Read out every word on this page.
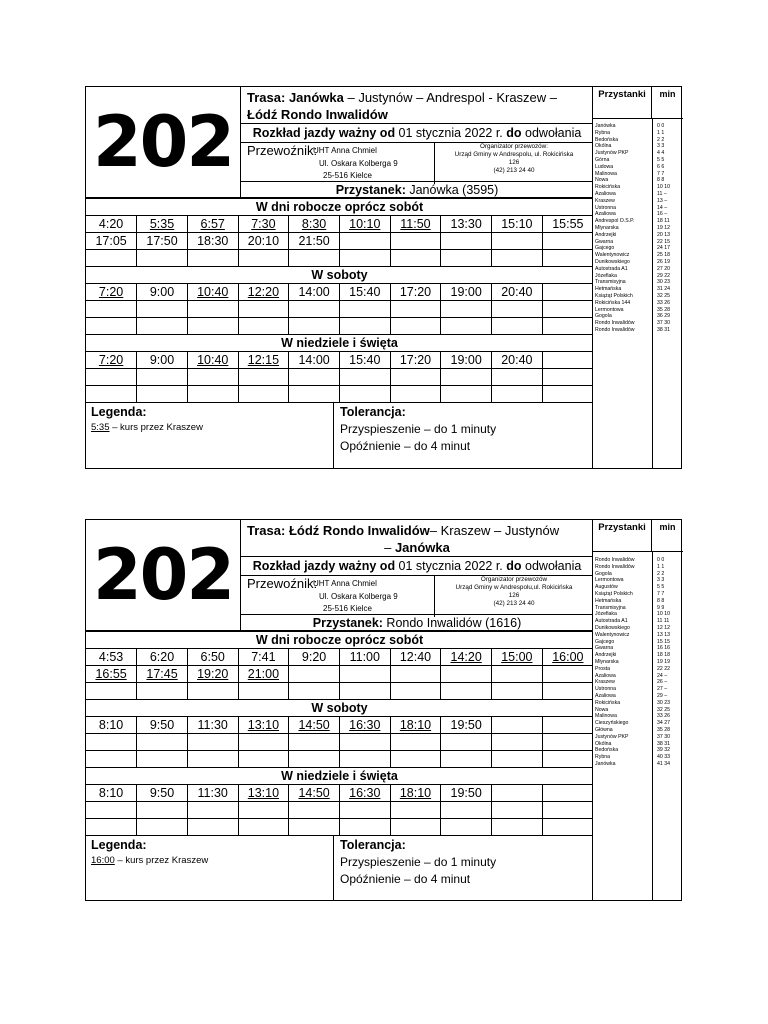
202
Trasa: Janówka – Justynów – Andrespol - Kraszew –
Łódź Rondo Inwalidów
Rozkład jazdy ważny od 01 stycznia 2022 r. do odwołania
Przewoźnik:
UHT Anna Chmiel
Ul. Oskara Kolberga 9
25-516 Kielce
Organizator przewozów:
Urząd Gminy w Andrespolu, ul. Rokicińska
126
(42) 213 24 40
Przystanek: Janówka (3595)
W dni robocze oprócz sobót									
4:20	5:35	6:57	7:30	8:30	10:10	11:50	13:30	15:10	15:55
17:05	17:50	18:30	20:10	21:50					

W soboty									
7:20	9:00	10:40	12:20	14:00	15:40	17:20	19:00	20:40	

W niedziele i święta									
7:20	9:00	10:40	12:15	14:00	15:40	17:20	19:00	20:40	

Legenda:
5:35 – kurs przez Kraszew
Tolerancja:
Przyspieszenie – do 1 minuty
Opóźnienie – do 4 minut
Przystanki	min
Janówka	0 0
Rybna	1 1
Bedońska	2 2
Okólna	3 3
Justynów PKP	4 4
Górna	5 5
Ludowa	6 6
Malinowa	7 7
Nowa	8 8
Rokicińska	10 10
Azaliowa	11 –
Kraszew	13 –
Ustronna	14 –
Azaliowa	16 –
Andrespol O.S.P.	18 11
Młynarska	19 12
Andrzejki	20 13
Gwarna	22 15
Gajcego	24 17
Walentynowicz	25 18
Dunikowskiego	26 19
Autostrada A1	27 20
Józefiaka	29 22
Transmisyjna	30 23
Hetmańska	31 24
Książąt Polskich	32 25
Rokicińska 144	33 26
Lermontowa	35 28
Gogola	36 29
Rondo Inwalidów	37 30
Rondo Inwalidów	38 31
202
Trasa: Łódź Rondo Inwalidów– Kraszew – Justynów
– Janówka
Rozkład jazdy ważny od 01 stycznia 2022 r. do odwołania
Przewoźnik:
UHT Anna Chmiel
Ul. Oskara Kolberga 9
25-516 Kielce
Organizator przewozów
Urząd Gminy w Andrespolu,ul. Rokicińska
126
(42) 213 24 40
Przystanek: Rondo Inwalidów (1616)
W dni robocze oprócz sobót									
4:53	6:20	6:50	7:41	9:20	11:00	12:40	14:20	15:00	16:00
16:55	17:45	19:20	21:00						

W soboty									
8:10	9:50	11:30	13:10	14:50	16:30	18:10	19:50		

W niedziele i święta									
8:10	9:50	11:30	13:10	14:50	16:30	18:10	19:50		

Legenda:
16:00 – kurs przez Kraszew
Tolerancja:
Przyspieszenie – do 1 minuty
Opóźnienie – do 4 minut
Przystanki	min
Rondo Inwalidów	0 0
Rondo Inwalidów	1 1
Gogola	2 2
Lermontowa	3 3
Augustów	5 5
Książąt Polskich	7 7
Hetmańska	8 8
Transmisyjna	9 9
Józefiaka	10 10
Autostrada A1	11 11
Dunikowskiego	12 12
Walentynowicz	13 13
Gajcego	15 15
Gwarna	16 16
Andrzejki	18 18
Młynarska	19 19
Prosta	22 22
Azaliowa	24 –
Kraszew	26 –
Ustronna	27 –
Azaliowa	29 –
Rokicińska	30 23
Nowa	32 25
Malinowa	33 26
Cieszyńskiego	34 27
Główna	35 28
Justynów PKP	37 30
Okólna	38 31
Bedońska	39 32
Rybna	40 33
Janówka	41 34
